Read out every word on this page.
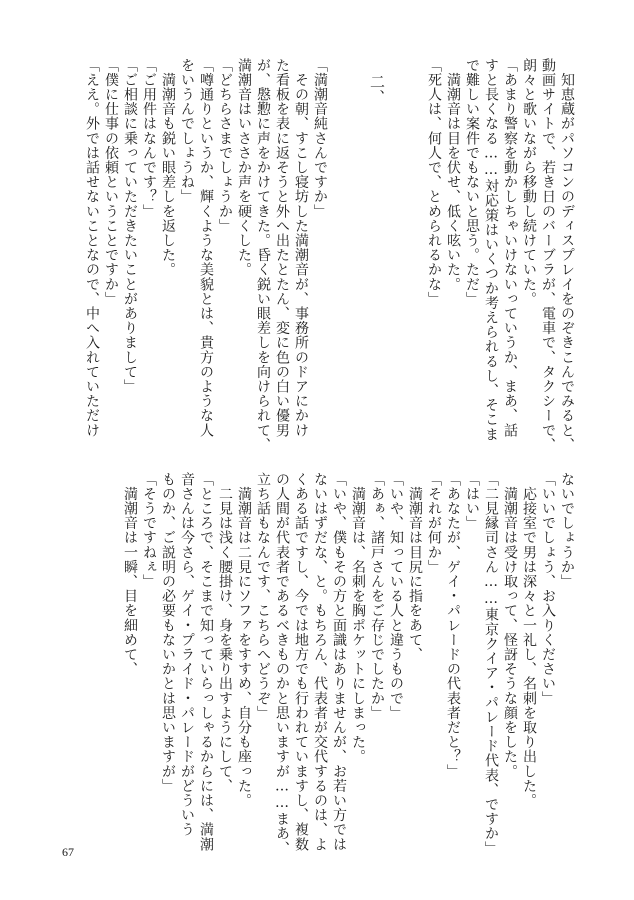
　知恵蔵がパソコンのディスプレイをのぞきこんでみると、
動画サイトで、若き日のバーブラが、電車で、タクシーで、
朗々と歌いながら移動し続けていた。
「あまり警察を動かしちゃいけないっていうか、まあ、話
すと長くなる……対応策はいくつか考えられるし、そこま
で難しい案件でもないと思う。ただ」
　満潮音は目を伏せ、低く呟いた。
「死人は、何人で、とめられるかな」

　二、

「満潮音純さんですか」
　その朝、すこし寝坊した満潮音が、事務所のドアにかけ
た看板を表に返そうと外へ出たとたん、変に色の白い優男
が、慇懃に声をかけてきた。昏く鋭い眼差しを向けられて、
満潮音はいささか声を硬くした。
「どちらさまでしょうか」
「噂通りというか、輝くような美貌とは、貴方のような人
をいうんでしょうね」
　満潮音も鋭い眼差しを返した。
「ご用件はなんです？」
「ご相談に乗っていただきたいことがありまして」
「僕に仕事の依頼ということですか」
「ええ。外では話せないことなので、中へ入れていただけ
ないでしょうか」
「いいでしょう、お入りください」
　応接室で男は深々と一礼し、名刺を取り出した。
　満潮音は受け取って、怪訝そうな顔をした。
「二見縁司さん……東京クイア・パレード代表、ですか」
「はい」
「あなたが、ゲイ・パレードの代表者だと？」
「それが何か」
　満潮音は目尻に指をあて、
「いや、知っている人と違うもので」
「あぁ、諸戸さんをご存じでしたか」
　満潮音は、名刺を胸ポケットにしまった。
「いや、僕もその方と面識はありませんが、お若い方では
ないはずだな、と。もちろん、代表者が交代するのは、よ
くある話ですし、今では地方でも行われていますし、複数
の人間が代表者であるべきものかと思いますが……まあ、
立ち話もなんです、こちらへどうぞ」
　満潮音は二見にソファをすすめ、自分も座った。
　二見は浅く腰掛け、身を乗り出すようにして、
「ところで、そこまで知っていらっしゃるからには、満潮
音さんは今さら、ゲイ・プライド・パレードがどういう
ものか、ご説明の必要もないかとは思いますが」
「そうですねぇ」
　満潮音は一瞬、目を細めて、
67
